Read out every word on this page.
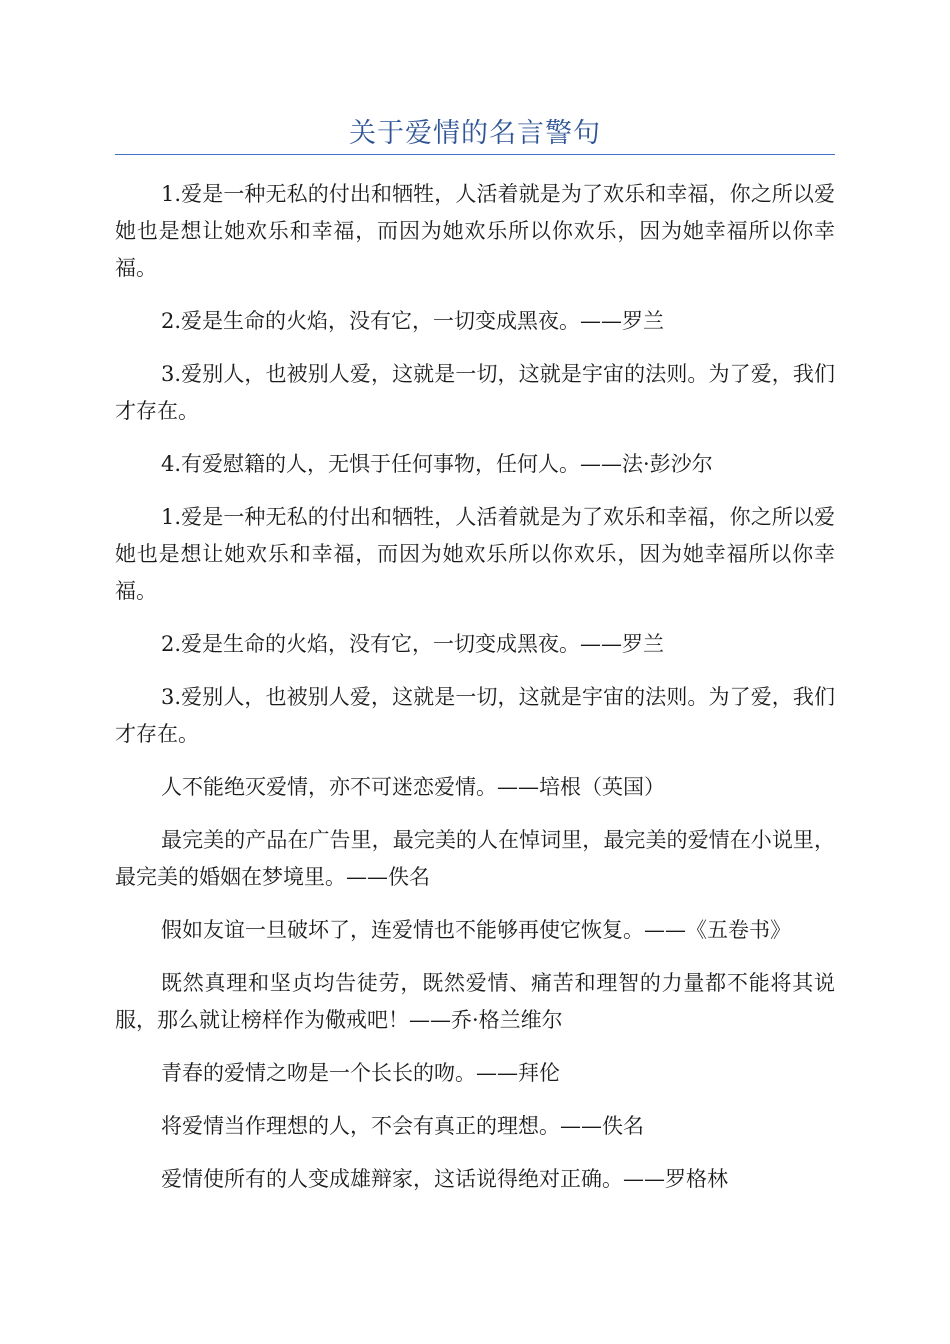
关于爱情的名言警句

1.爱是一种无私的付出和牺牲，人活着就是为了欢乐和幸福，你之所以爱她也是想让她欢乐和幸福，而因为她欢乐所以你欢乐，因为她幸福所以你幸福。

2.爱是生命的火焰，没有它，一切变成黑夜。——罗兰

3.爱别人，也被别人爱，这就是一切，这就是宇宙的法则。为了爱，我们才存在。

4.有爱慰籍的人，无惧于任何事物，任何人。——法·彭沙尔

1.爱是一种无私的付出和牺牲，人活着就是为了欢乐和幸福，你之所以爱她也是想让她欢乐和幸福，而因为她欢乐所以你欢乐，因为她幸福所以你幸福。

2.爱是生命的火焰，没有它，一切变成黑夜。——罗兰

3.爱别人，也被别人爱，这就是一切，这就是宇宙的法则。为了爱，我们才存在。

人不能绝灭爱情，亦不可迷恋爱情。——培根（英国）

最完美的产品在广告里，最完美的人在悼词里，最完美的爱情在小说里，最完美的婚姻在梦境里。——佚名

假如友谊一旦破坏了，连爱情也不能够再使它恢复。——《五卷书》

既然真理和坚贞均告徒劳，既然爱情、痛苦和理智的力量都不能将其说服，那么就让榜样作为儆戒吧！——乔·格兰维尔

青春的爱情之吻是一个长长的吻。——拜伦

将爱情当作理想的人，不会有真正的理想。——佚名

爱情使所有的人变成雄辩家，这话说得绝对正确。——罗格林
